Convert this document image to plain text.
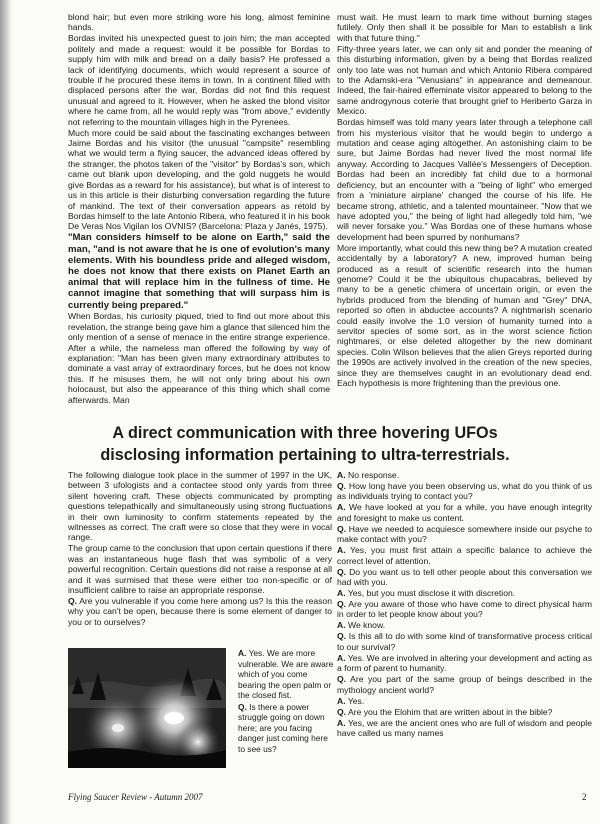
blond hair; but even more striking wore his long, almost feminine hands.

Bordas invited his unexpected guest to join him; the man accepted politely and made a request: would it be possible for Bordas to supply him with milk and bread on a daily basis? He professed a lack of identifying documents, which would represent a source of trouble if he procured these items in town. In a continent filled with displaced persons after the war, Bordas did not find this request unusual and agreed to it. However, when he asked the blond visitor where he came from, all he would reply was "from above," evidently not referring to the mountain villages high in the Pyrenees.

Much more could be said about the fascinating exchanges between Jaime Bordas and his visitor (the unusual "campsite" resembling what we would term a flying saucer, the advanced ideas offered by the stranger, the photos taken of the "visitor" by Bordas's son, which came out blank upon developing, and the gold nuggets he would give Bordas as a reward for his assistance), but what is of interest to us in this article is their disturbing conversation regarding the future of mankind. The text of their conversation appears as retold by Bordas himself to the late Antonio Ribera, who featured it in his book De Veras Nos Vigilan los OVNIS? (Barcelona: Plaza y Janés, 1975).

"Man considers himself to be alone on Earth," said the man, "and is not aware that he is one of evolution's many elements. With his boundless pride and alleged wisdom, he does not know that there exists on Planet Earth an animal that will replace him in the fullness of time. He cannot imagine that something that will surpass him is currently being prepared."

When Bordas, his curiosity piqued, tried to find out more about this revelation, the strange being gave him a glance that silenced him the only mention of a sense of menace in the entire strange experience. After a while, the nameless man offered the following by way of explanation: "Man has been given many extraordinary attributes to dominate a vast array of extraordinary forces, but he does not know this. If he misuses them, he will not only bring about his own holocaust, but also the appearance of this thing which shall come afterwards. Man

must wait. He must learn to mark time without burning stages futilely. Only then shall it be possible for Man to establish a link with that future thing."

Fifty-three years later, we can only sit and ponder the meaning of this disturbing information, given by a being that Bordas realized only too late was not human and which Antonio Ribera compared to the Adamski-era "Venusians" in appearance and demeanour. Indeed, the fair-haired effeminate visitor appeared to belong to the same androgynous coterie that brought grief to Heriberto Garza in Mexico.

Bordas himself was told many years later through a telephone call from his mysterious visitor that he would begin to undergo a mutation and cease aging altogether. An astonishing claim to be sure, but Jaime Bordas had never lived the most normal life anyway. According to Jacques Vallée's Messengers of Deception. Bordas had been an incredibly fat child due to a hormonal deficiency, but an encounter with a "being of light" who emerged from a 'miniature airplane' changed the course of his life. He became strong, athletic, and a talented mountaineer. "Now that we have adopted you," the being of light had allegedly told him, "we will never forsake you." Was Bordas one of these humans whose development had been spurred by nonhumans?

More importantly, what could this new thing be? A mutation created accidentally by a laboratory? A new, improved human being produced as a result of scientific research into the human genome? Could it be the ubiquitous chupacabras, believed by many to be a genetic chimera of uncertain origin, or even the hybrids produced from the blending of human and "Grey" DNA, reported so often in abductee accounts? A nightmarish scenario could easily involve the 1.0 version of humanity turned into a servitor species of some sort, as in the worst science fiction nightmares, or else deleted altogether by the new dominant species. Colin Wilson believes that the alien Greys reported during the 1990s are actively involved in the creation of the new species, since they are themselves caught in an evolutionary dead end. Each hypothesis is more frightening than the previous one.

A direct communication with three hovering UFOs
disclosing information pertaining to ultra-terrestrials.

The following dialogue took place in the summer of 1997 in the UK, between 3 ufologists and a contactee stood only yards from three silent hovering craft. These objects communicated by prompting questions telepathically and simultaneously using strong fluctuations in their own luminosity to confirm statements repeated by the witnesses as correct. The craft were so close that they were in vocal range.

The group came to the conclusion that upon certain questions if there was an instantaneous huge flash that was symbolic of a very powerful recognition. Certain questions did not raise a response at all and it was surmised that these were either too non-specific or of insufficient calibre to raise an appropriate response.

Q. Are you vulnerable if you come here among us? Is this the reason why you can't be open, because there is some element of danger to you or to ourselves?

A. Yes. We are more vulnerable. We are aware which of you come bearing the open palm or the closed fist.

Q. Is there a power struggle going on down here; are you facing danger just coming here to see us?

A. No response.

Q. How long have you been observing us, what do you think of us as individuals trying to contact you?

A. We have looked at you for a while, you have enough integrity and foresight to make us content.

Q. Have we needed to acquiesce somewhere inside our psyche to make contact with you?

A. Yes, you must first attain a specific balance to achieve the correct level of attention.

Q. Do you want us to tell other people about this conversation we had with you.

A. Yes, but you must disclose it with discretion.

Q. Are you aware of those who have come to direct physical harm in order to let people know about you?

A. We know.

Q. Is this all to do with some kind of transformative process critical to our survival?

A. Yes. We are involved in altering your development and acting as a form of parent to humanity.

Q. Are you part of the same group of beings described in the mythology ancient world?

A. Yes.

Q. Are you the Elohim that are written about in the bible?

A. Yes, we are the ancient ones who are full of wisdom and people have called us many names

Flying Saucer Review - Autumn 2007	2
